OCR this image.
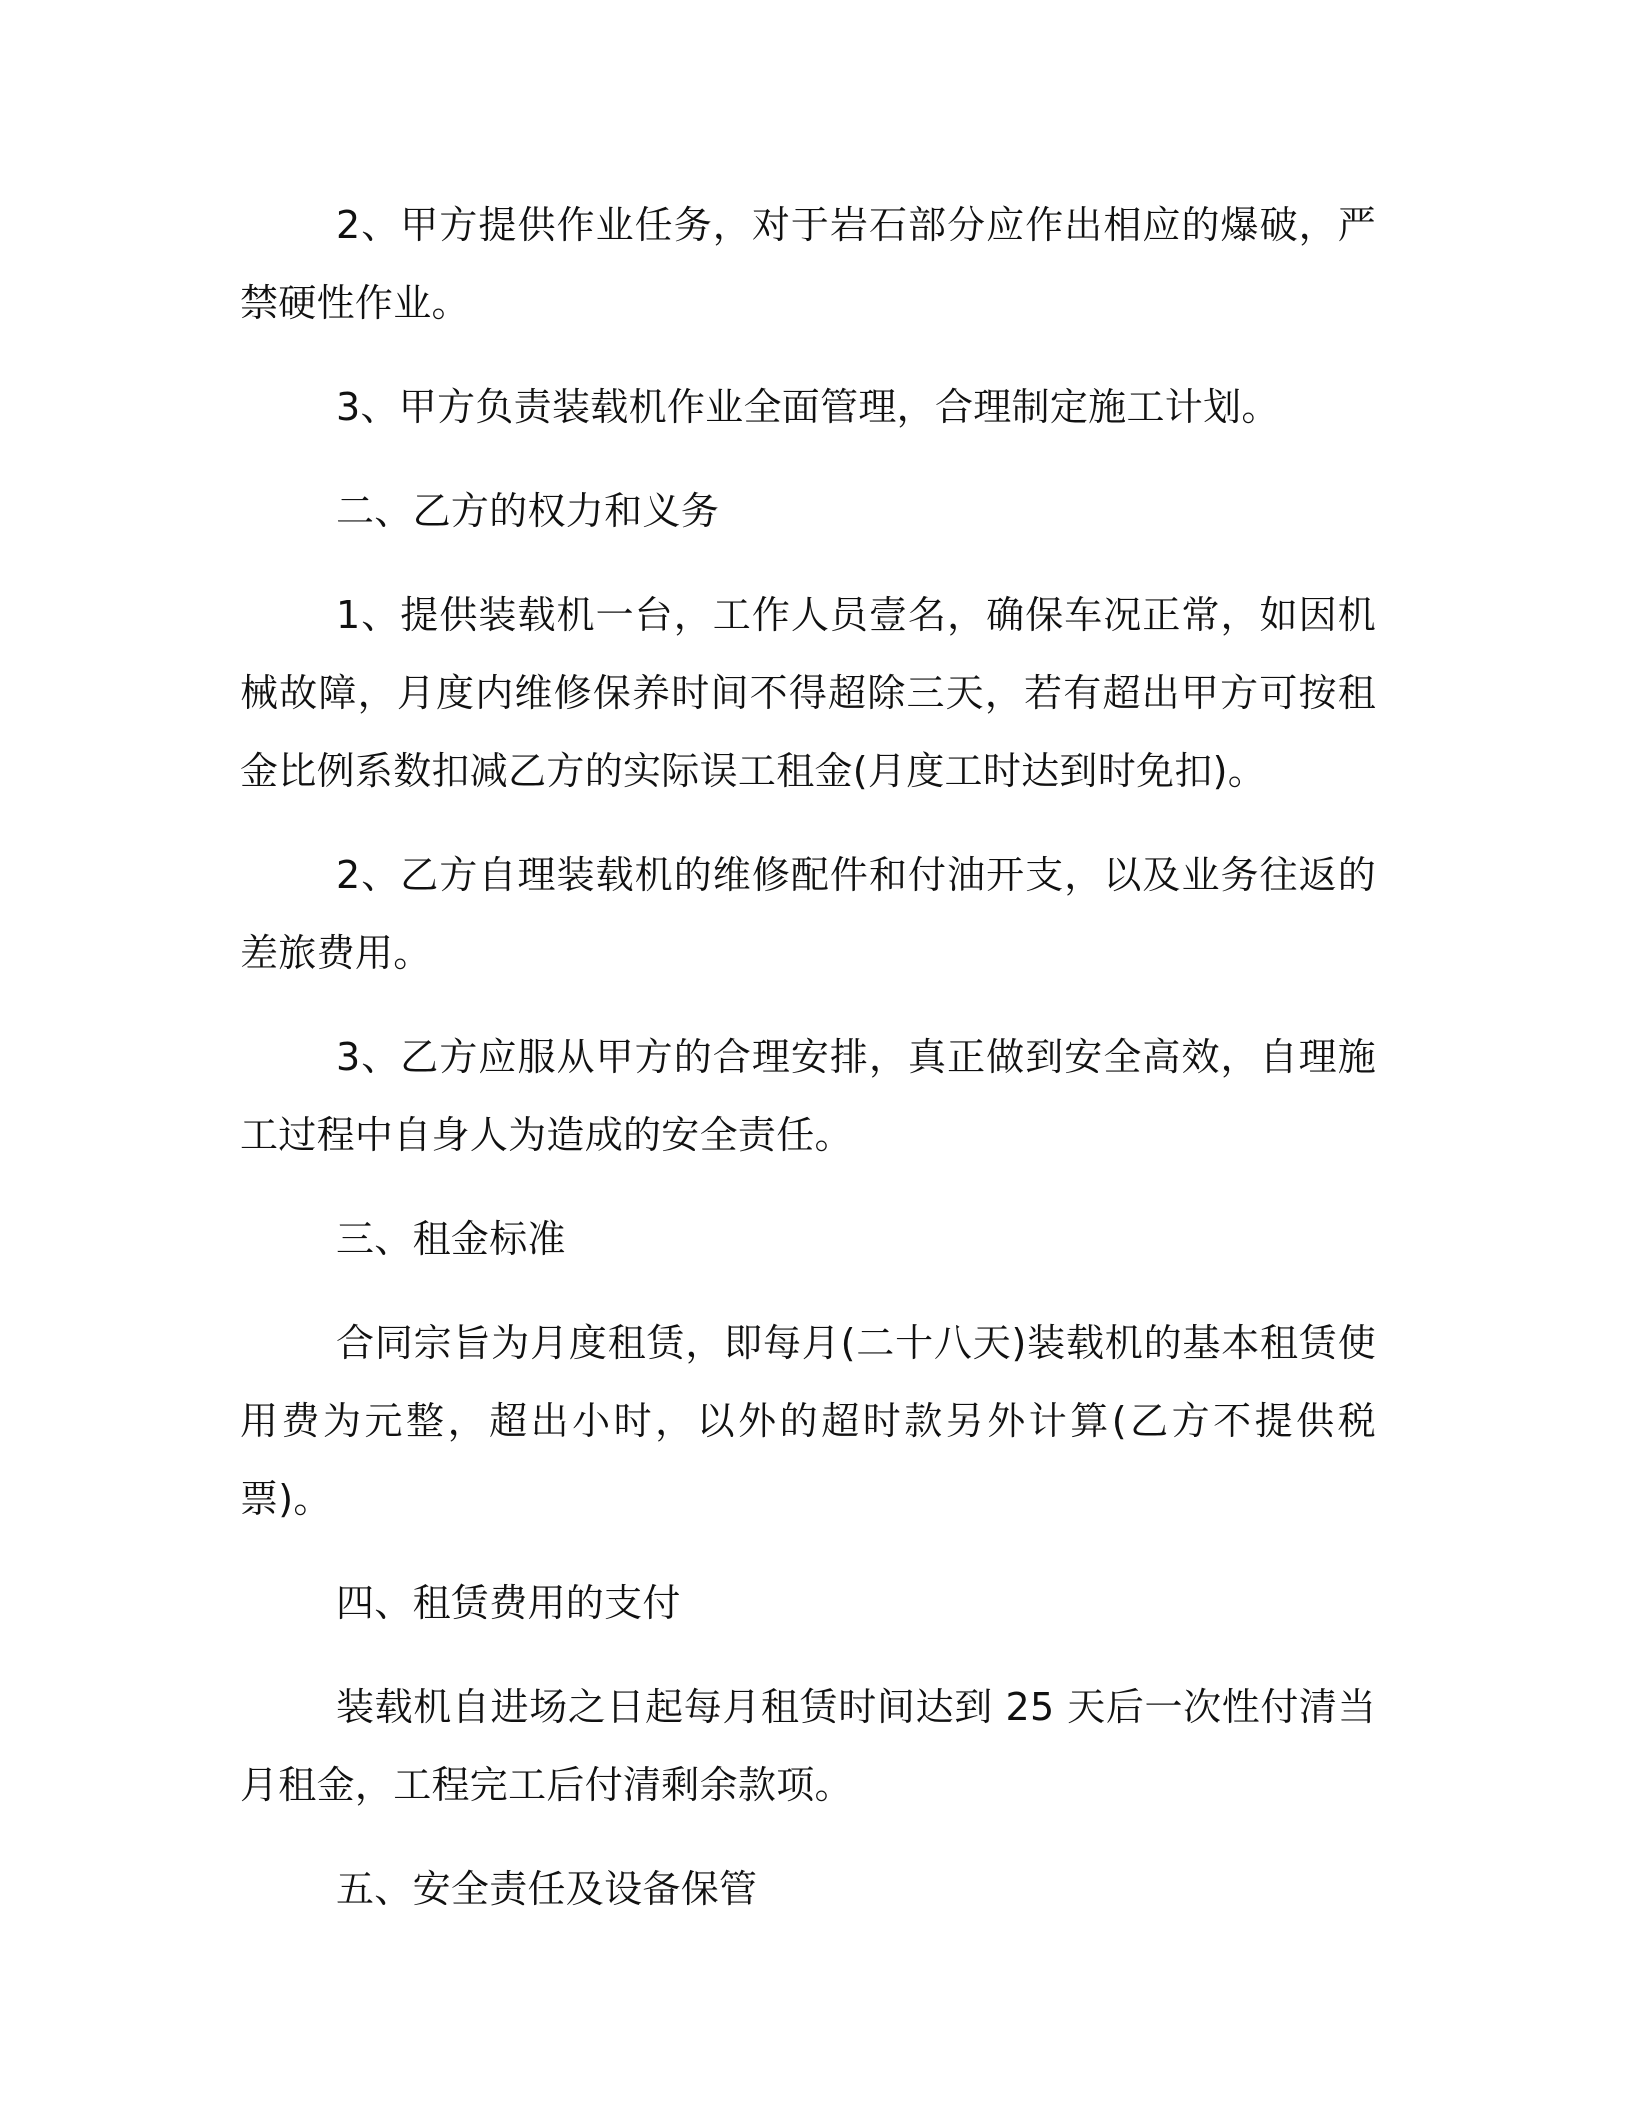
2、甲方提供作业任务，对于岩石部分应作出相应的爆破，严禁硬性作业。

3、甲方负责装载机作业全面管理，合理制定施工计划。

二、乙方的权力和义务

1、提供装载机一台，工作人员壹名，确保车况正常，如因机械故障，月度内维修保养时间不得超除三天，若有超出甲方可按租金比例系数扣减乙方的实际误工租金(月度工时达到时免扣)。

2、乙方自理装载机的维修配件和付油开支，以及业务往返的差旅费用。

3、乙方应服从甲方的合理安排，真正做到安全高效，自理施工过程中自身人为造成的安全责任。

三、租金标准

合同宗旨为月度租赁，即每月(二十八天)装载机的基本租赁使用费为元整，超出小时，以外的超时款另外计算(乙方不提供税票)。

四、租赁费用的支付

装载机自进场之日起每月租赁时间达到 25 天后一次性付清当月租金，工程完工后付清剩余款项。

五、安全责任及设备保管
